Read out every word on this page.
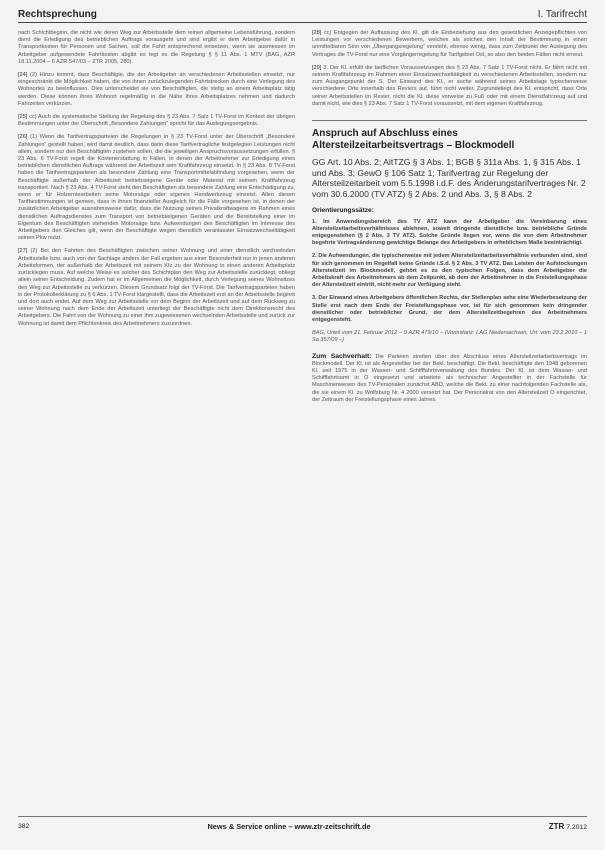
Rechtsprechung	I. Tarifrecht

nach Schichtbeginn, die nicht wie deren Weg zur Arbeitsstelle dem reinen allgemeine Lebensführung, sondern dient die Erledigung des betrieblichen Auftrags vorausgeht und sind ergibt er dem Arbeitgeber dafür in Transportkosten für Personen und Sachen, soll die Fahrt entsprechend einsetzen, wenn sie ausmessen im Arbeitgeber aufgewendete Fahrtkosten abgibt es tegt es die Regelung § § 11 Abs. 1 MTV (BAG, AZR 18.11.2004 – 6 AZR 547/03 – ZTR 2005, 280).

[24] (2) Hinzu kommt, dass Beschäftigte, die der Arbeitgeber an verschiedenen Arbeitsstellen einsetzt, nur eingeschränkt die Möglichkeit haben, die von ihnen zurückzulegenden Fahrtstrecken durch eine Verlegung des Wohnortes zu beeinflussen. Dies unterscheidet sie von Beschäftigten, die stetig an einem Arbeitsplatz tätig werden. Diese können ihren Wohnort regelmäßig in die Nähe ihres Arbeitsplatzes nehmen und dadurch Fahrzeiten verkürzen.

[25] cc) Auch die systematische Stellung der Regelung des § 23 Abs. 7 Satz 1 TV-Forst im Kontext der übrigen Bestimmungen unter der Überschrift „Besondere Zahlungen“ spricht für das Auslegungsergebnis.

[26] (1) Wenn die Tarifvertragsparteien die Regelungen in § 23 TV-Forst unter der Überschrift „Besondere Zahlungen“ gestellt haben, wird damit deutlich, dass darin diese Tarifvertragliche festgelegten Leistungen nicht allein, sondern nur den Beschäftigten zustehen sollen, die die jeweiligen Anspruchsvoraussetzungen erfüllen. § 23 Abs. 6 TV-Forst regelt die Kostenerstattung in Fällen, in denen der Arbeitnehmer zur Erledigung eines betrieblichen dienstlichen Auftrags während der Arbeitszeit sein Kraftfahrzeug einsetzt. In § 23 Abs. 8 TV-Forst haben die Tarifvertragsparteien als besondere Zahlung eine Transportmittelabfindung vorgesehen, wenn der Beschäftigte außerhalb der Arbeitszeit betriebseigene Geräte oder Material mit seinem Kraftfahrzeug transportiert. Nach § 23 Abs. 4 TV-Forst steht den Beschäftigten als besondere Zahlung eine Entschädigung zu, wenn er für Holzerntearbeiten seine Motorsäge oder eigenes Handwerkzeug einsetzt. Allen diesen Tarifbestimmungen ist gemein, dass in ihnen finanzieller Ausgleich für die Fälle vorgesehen ist, in denen der zusätzlichen Arbeitgeber ausnahmsweise dafür, dass die Nutzung seines Privatkraftwagens im Rahmen eines dienstlichen Auftragsdienstes zum Transport von betriebseigenen Geräten und die Bereitstellung einer im Eigentum des Beschäftigten stehenden Motorsäge bzw. Aufwendungen des Beschäftigten im Interesse des Arbeitgebers den Gleiches gilt, wenn der Beschäftigte wegen dienstlich veranlasster Einsatzwechseltätigkeit seinen Pkw nutzt.

[27] (2) Bei den Fahrten des Beschäftigten zwischen seiner Wohnung und einer dienstlich wechselnden Arbeitsstelle bzw. auch von der Sachlage anders der Fall ergeben aus einer Besonderheit nur in jenen anderen Arbeitsformen, der außerhalb der Arbeitszeit mit seinem Kfz zu der Wohnung in einen anderen Arbeitsplatz zurücklegen muss. Auf welche Weise es solcher des Schichtplan den Weg zur Arbeitsstelle zurücklegt, obliegt allein seiner Entscheidung. Zudem hat er im Allgemeinen die Möglichkeit, durch Verlegung seines Wohnsitzes den Weg zur Arbeitsstelle zu verkürzen. Diesem Grundsatz folgt der TV-Forst. Die Tarifvertragsparteien haben in der Protokollerklärung zu § 6 Abs. 1 TV-Forst klargestellt, dass die Arbeitszeit erst an der Arbeitsstelle beginnt und dort auch endet. Auf dem Weg zur Arbeitsstelle vor dem Beginn der Arbeitszeit und auf dem Rückweg zu seiner Wohnung nach dem Ende der Arbeitszeit unterliegt der Beschäftigte nicht dem Direktionsrecht des Arbeitgebers. Die Fahrt von der Wohnung zu einer ihm zugewiesenen wechselnden Arbeitsstelle und zurück zur Wohnung ist damit dem Pflichtenkreis des Arbeitnehmers zuzuordnen.

[28] cc) Entgegen der Auffassung des Kl. gilt die Einbeziehung aus den gesetzlichen Anzeigepflichten von Leistungen vor verschiedenen Bewerbern, welches als solches den Inhalt der Bestimmung in einen unmittelbaren Sinn von „Übergangsregelung“ versteht, ebenso wenig, dass zum Zeitpunkt der Auslegung des Vertrages die TV-Forst nur eine Vorgängerregelung für Tarifgebiet Ost, so also den beiden Fällen nicht erneut.

[29] 3. Der Kl. erfüllt die tariflichen Voraussetzungen des § 23 Abs. 7 Satz 1 TV-Forst nicht. Er fährt nicht mit seinem Kraftfahrzeug im Rahmen einer Einsatzwechseltätigkeit zu verschiedenen Arbeitsstellen, sondern nur zum Ausgangspunkt der S. Der Einwand des Kl., er suche während seines Arbeitstags typischerweise verschiedene Orte innerhalb des Reviers auf, führt nicht weiter. Zugrundeliegt des Kl. entspricht, dass Orte seiner Arbeitsstellen im Revier, nicht die Kl. diese vorweise zu Fuß oder mit einem Dienstfahrzeug auf und damit nicht, wie dies § 23 Abs. 7 Satz 1 TV-Forst voraussetzt, mit dem eigenen Kraftfahrzeug.

Anspruch auf Abschluss eines Altersteilzeitarbeitsvertrags – Blockmodell
GG Art. 10 Abs. 2; AltTZG § 3 Abs. 1; BGB § 311a Abs. 1, § 315 Abs. 1 und Abs. 3; GewO § 106 Satz 1; Tarifvertrag zur Regelung der Altersteilzeitarbeit vom 5.5.1998 i.d.F. des Änderungstarifvertrages Nr. 2 vom 30.6.2000 (TV ATZ) § 2 Abs. 2 und Abs. 3, § 8 Abs. 2
Orientierungssätze:

1. Im Anwendungsbereich des TV ATZ kann der Arbeitgeber die Vereinbarung eines Altersteilzeitarbeitsverhältnisses ablehnen, soweit dringende dienstliche bzw. betriebliche Gründe entgegenstehen (§ 2 Abs. 3 TV ATZ). Solche Gründe liegen vor, wenn die von dem Arbeitnehmer begehrte Vertragsänderung gewichtige Belange des Arbeitgebers in erheblichem Maße beeinträchtigt.

2. Die Aufwendungen, die typischerweise mit jedem Altersteilzeitarbeitsverhältnis verbunden sind, sind für sich genommen im Regelfall keine Gründe i.S.d. § 2 Abs. 3 TV ATZ. Das Leisten der Aufstockungen Altersteilzeit im Blockmodell, gehört es zu den typischen Folgen, dass dem Arbeitgeber die Arbeitskraft des Arbeitnehmers ab dem Zeitpunkt, ab dem der Arbeitnehmer in die Freistellungsphase der Altersteilzeit eintritt, nicht mehr zur Verfügung steht.

3. Der Einwand eines Arbeitgebers öffentlichen Rechts, der Stellenplan sehe eine Wiederbesetzung der Stelle erst nach dem Ende der Freistellungsphase vor, ist für sich genommen kein dringender dienstlicher oder betrieblicher Grund, der dem Altersteilzeitbegehren des Arbeitnehmers entgegensteht.

BAG, Urteil vom 21. Februar 2012 – 9 AZR 479/10 – (Vorinstanz: LAG Niedersachsen, Urt. vom 23.2.2010 – 1 Sa 357/09 –)

Zum Sachverhalt: Die Parteien streiten über den Abschluss eines Altersteilzeitarbeitsvertrags im Blockmodell. Der Kl. ist als Angestellter bei der Bekl. beschäftigt. Die Bekl. beschäftigte den 1948 geborenen Kl. seit 1975 in der Wasser- und Schifffahrtsverwaltung des Bundes. Der Kl. ist dem Wasser- und Schifffahrtsamt in O eingesetzt und arbeitete als technischer Angestellter in der Fachstelle für Maschinenwesen des TV-Personalen zunächst ABD, welche die Bekl. zu einer nachfolgenden Fachstelle als, die sie einem Kl. zu Wolfsburg Nr. 4 2000 versetzt hat. Der Personalrat von den Altersteilzeit O eingerichtet, der Zeitraum der Freistellungsphase eines Jahres.

382	News & Service online – www.ztr-zeitschrift.de	ZTR 7.2012
